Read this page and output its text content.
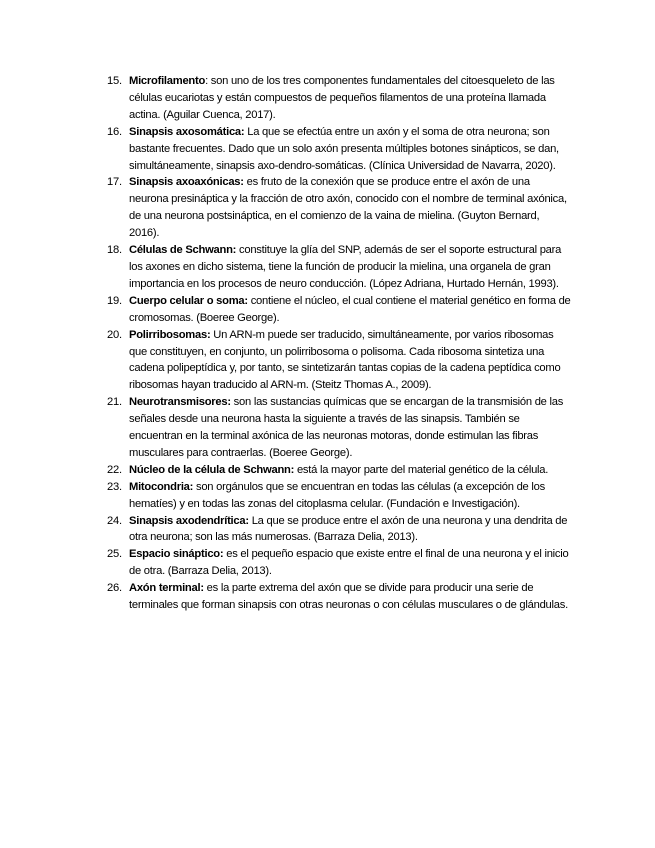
15. Microfilamento: son uno de los tres componentes fundamentales del citoesqueleto de las células eucariotas y están compuestos de pequeños filamentos de una proteína llamada actina. (Aguilar Cuenca, 2017).

16. Sinapsis axosomática: La que se efectúa entre un axón y el soma de otra neurona; son bastante frecuentes. Dado que un solo axón presenta múltiples botones sinápticos, se dan, simultáneamente, sinapsis axo-dendro-somáticas. (Clínica Universidad de Navarra, 2020).

17. Sinapsis axoaxónicas: es fruto de la conexión que se produce entre el axón de una neurona presináptica y la fracción de otro axón, conocido con el nombre de terminal axónica, de una neurona postsináptica, en el comienzo de la vaina de mielina. (Guyton Bernard, 2016).

18. Células de Schwann: constituye la glía del SNP, además de ser el soporte estructural para los axones en dicho sistema, tiene la función de producir la mielina, una organela de gran importancia en los procesos de neuro conducción. (López Adriana, Hurtado Hernán, 1993).

19. Cuerpo celular o soma: contiene el núcleo, el cual contiene el material genético en forma de cromosomas. (Boeree George).

20. Polirribosomas: Un ARN-m puede ser traducido, simultáneamente, por varios ribosomas que constituyen, en conjunto, un polirribosoma o polisoma. Cada ribosoma sintetiza una cadena polipeptídica y, por tanto, se sintetizarán tantas copias de la cadena peptídica como ribosomas hayan traducido al ARN-m. (Steitz Thomas A., 2009).

21. Neurotransmisores: son las sustancias químicas que se encargan de la transmisión de las señales desde una neurona hasta la siguiente a través de las sinapsis. También se encuentran en la terminal axónica de las neuronas motoras, donde estimulan las fibras musculares para contraerlas. (Boeree George).

22. Núcleo de la célula de Schwann: está la mayor parte del material genético de la célula.

23. Mitocondria: son orgánulos que se encuentran en todas las células (a excepción de los hematíes) y en todas las zonas del citoplasma celular. (Fundación e Investigación).

24. Sinapsis axodendrítica: La que se produce entre el axón de una neurona y una dendrita de otra neurona; son las más numerosas. (Barraza Delia, 2013).

25. Espacio sináptico: es el pequeño espacio que existe entre el final de una neurona y el inicio de otra. (Barraza Delia, 2013).

26. Axón terminal: es la parte extrema del axón que se divide para producir una serie de terminales que forman sinapsis con otras neuronas o con células musculares o de glándulas.
